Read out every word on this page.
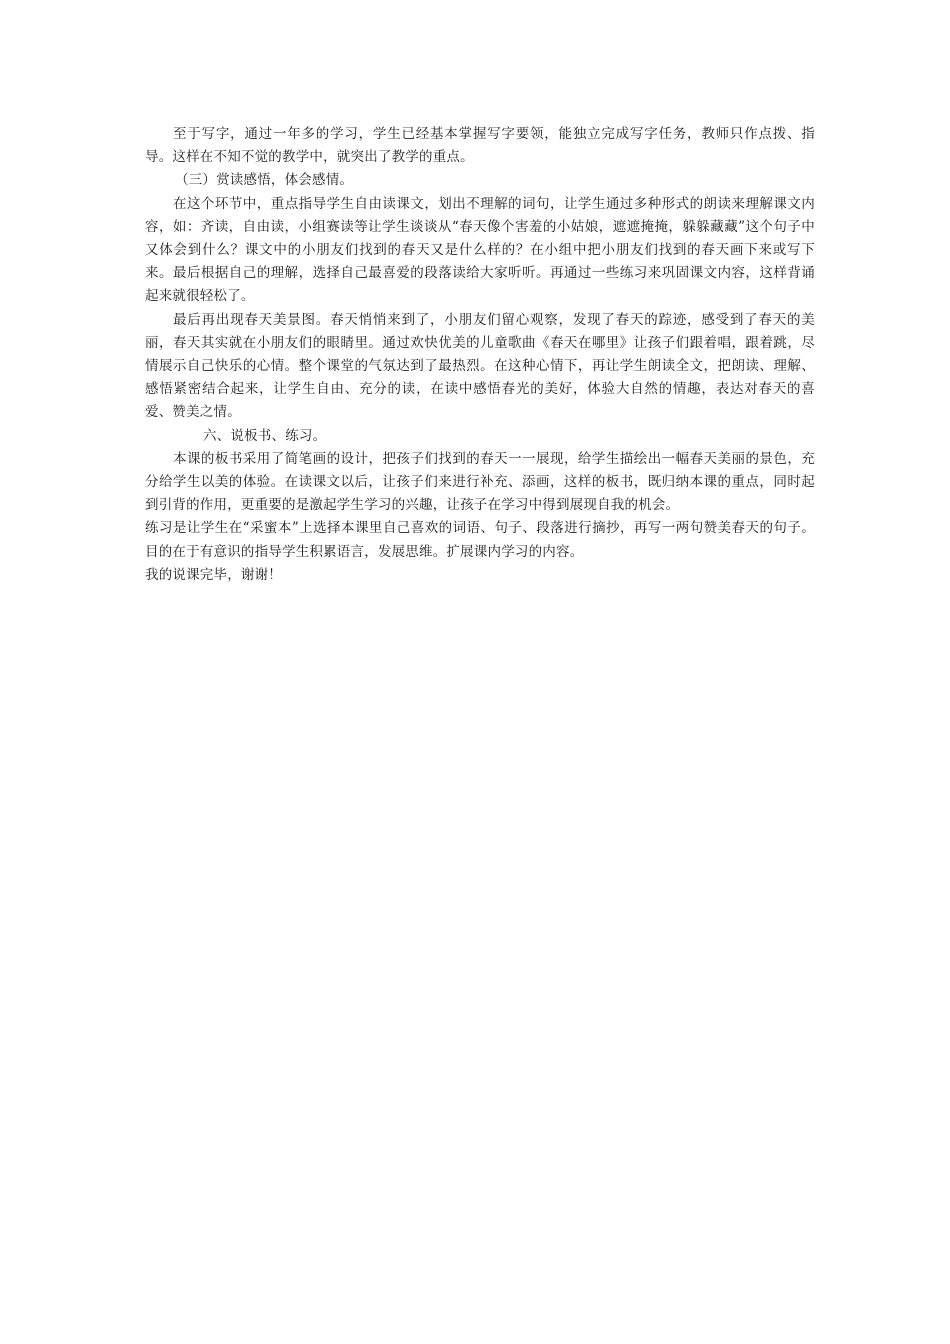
至于写字，通过一年多的学习，学生已经基本掌握写字要领，能独立完成写字任务，教师只作点拨、指导。这样在不知不觉的教学中，就突出了教学的重点。

（三）赏读感悟，体会感情。

在这个环节中，重点指导学生自由读课文，划出不理解的词句，让学生通过多种形式的朗读来理解课文内容，如：齐读，自由读，小组赛读等让学生谈谈从“春天像个害羞的小姑娘，遮遮掩掩，躲躲藏藏”这个句子中又体会到什么？课文中的小朋友们找到的春天又是什么样的？在小组中把小朋友们找到的春天画下来或写下来。最后根据自己的理解，选择自己最喜爱的段落读给大家听听。再通过一些练习来巩固课文内容，这样背诵起来就很轻松了。

最后再出现春天美景图。春天悄悄来到了，小朋友们留心观察，发现了春天的踪迹，感受到了春天的美丽，春天其实就在小朋友们的眼睛里。通过欢快优美的儿童歌曲《春天在哪里》让孩子们跟着唱，跟着跳，尽情展示自己快乐的心情。整个课堂的气氛达到了最热烈。在这种心情下，再让学生朗读全文，把朗读、理解、感悟紧密结合起来，让学生自由、充分的读，在读中感悟春光的美好，体验大自然的情趣，表达对春天的喜爱、赞美之情。

六、说板书、练习。

本课的板书采用了简笔画的设计，把孩子们找到的春天一一展现，给学生描绘出一幅春天美丽的景色，充分给学生以美的体验。在读课文以后，让孩子们来进行补充、添画，这样的板书，既归纳本课的重点，同时起到引背的作用，更重要的是激起学生学习的兴趣，让孩子在学习中得到展现自我的机会。

练习是让学生在“采蜜本”上选择本课里自己喜欢的词语、句子、段落进行摘抄，再写一两句赞美春天的句子。目的在于有意识的指导学生积累语言，发展思维。扩展课内学习的内容。

我的说课完毕，谢谢！
